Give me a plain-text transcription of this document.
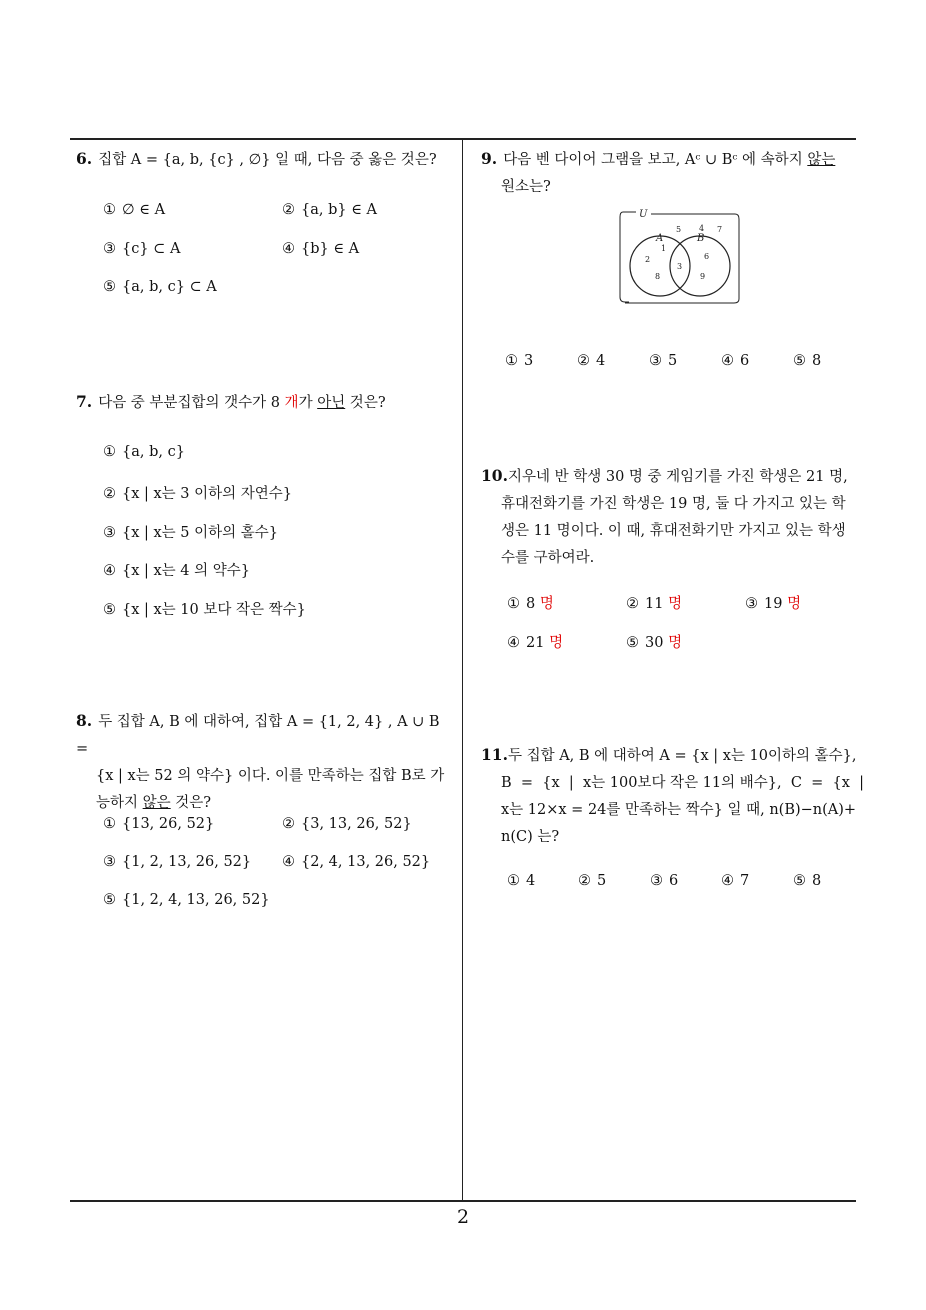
6. 집합 A = {a, b, {c} , ∅} 일 때, 다음 중 옳은 것은?
① ∅ ∈ A	② {a, b} ∈ A
③ {c} ⊂ A	④ {b} ∈ A
⑤ {a, b, c} ⊂ A
7. 다음 중 부분집합의 갯수가 8 개가 아닌 것은?
① {a, b, c}
② {x | x는 3 이하의 자연수}
③ {x | x는 5 이하의 홀수}
④ {x | x는 4 의 약수}
⑤ {x | x는 10 보다 작은 짝수}
8. 두 집합 A, B 에 대하여, 집합 A = {1, 2, 4} , A ∪ B =
{x | x는 52 의 약수} 이다. 이를 만족하는 집합 B로 가
능하지 않은 것은?
① {13, 26, 52}	② {3, 13, 26, 52}
③ {1, 2, 13, 26, 52} ④ {2, 4, 13, 26, 52}
⑤ {1, 2, 4, 13, 26, 52}
9. 다음 벤 다이어 그램을 보고, Aᶜ ∪ Bᶜ 에 속하지 않는
원소는?
U
A	B
5 4 7
1
2
8
3
6
9
① 3	② 4	③ 5	④ 6	⑤ 8
10.지우네 반 학생 30 명 중 게임기를 가진 학생은 21 명,
휴대전화기를 가진 학생은 19 명, 둘 다 가지고 있는 학
생은 11 명이다. 이 때, 휴대전화기만 가지고 있는 학생
수를 구하여라.
① 8 명	② 11 명	③ 19 명
④ 21 명	⑤ 30 명
11.두 집합 A, B 에 대하여 A = {x | x는 10이하의 홀수},
B  =  {x  |  x는 100보다 작은 11의 배수},  C  =  {x  |
x는 12×x = 24를 만족하는 짝수} 일 때, n(B)−n(A)+
n(C) 는?
① 4	② 5	③ 6	④ 7	⑤ 8
2
